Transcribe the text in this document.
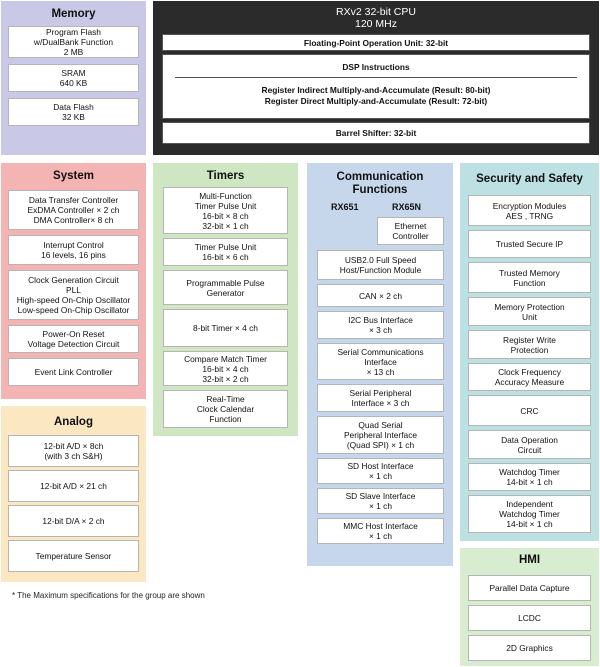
Memory
Program Flash
w/DualBank Function
2 MB
SRAM
640 KB
Data Flash
32 KB
RXv2 32-bit CPU
120 MHz
Floating-Point Operation Unit: 32-bit

DSP Instructions

Register Indirect Multiply-and-Accumulate (Result: 80-bit)
Register Direct Multiply-and-Accumulate (Result: 72-bit)

Barrel Shifter: 32-bit
System
Data Transfer Controller
ExDMA Controller × 2 ch
DMA Controller× 8 ch
Interrupt Control
16 levels, 16 pins
Clock Generation Circuit
PLL
High-speed On-Chip Oscillator
Low-speed On-Chip Oscillator
Power-On Reset
Voltage Detection Circuit
Event Link Controller
Timers
Multi-Function
Timer Pulse Unit
16-bit × 8 ch
32-bit × 1 ch
Timer Pulse Unit
16-bit × 6 ch
Programmable Pulse
Generator
8-bit Timer × 4 ch
Compare Match Timer
16-bit × 4 ch
32-bit × 2 ch
Real-Time
Clock Calendar
Function
Communication
Functions
RX651	RX65N
Ethernet
Controller
USB2.0 Full Speed
Host/Function Module
CAN × 2 ch
I2C Bus Interface
× 3 ch
Serial Communications
Interface
× 13 ch
Serial Peripheral
Interface × 3 ch
Quad Serial
Peripheral Interface
(Quad SPI) × 1 ch
SD Host Interface
× 1 ch
SD Slave Interface
× 1 ch
MMC Host Interface
× 1 ch
Security and Safety
Encryption Modules
AES , TRNG
Trusted Secure IP
Trusted Memory
Function
Memory Protection
Unit
Register Write
Protection
Clock Frequency
Accuracy Measure
CRC
Data Operation
Circuit
Watchdog Timer
14-bit × 1 ch
Independent
Watchdog Timer
14-bit × 1 ch
Analog
12-bit A/D × 8ch
(with 3 ch S&H)
12-bit A/D × 21 ch
12-bit D/A × 2 ch
Temperature Sensor
* The Maximum specifications for the group are shown
HMI
Parallel Data Capture
LCDC
2D Graphics
